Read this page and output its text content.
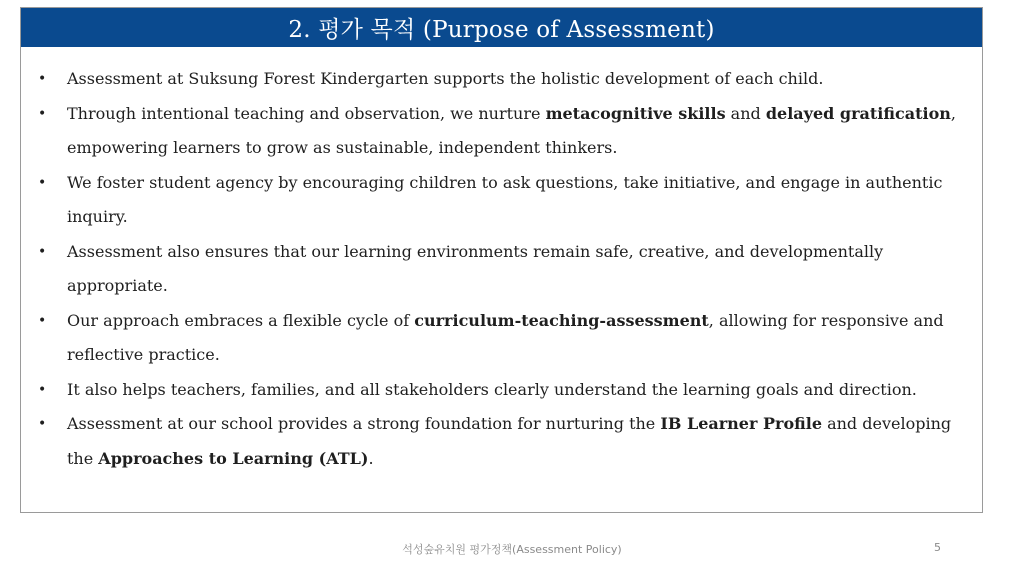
2. 평가 목적 (Purpose of Assessment)
• Assessment at Suksung Forest Kindergarten supports the holistic development of each child.
• Through intentional teaching and observation, we nurture metacognitive skills and delayed gratification, empowering learners to grow as sustainable, independent thinkers.
• We foster student agency by encouraging children to ask questions, take initiative, and engage in authentic inquiry.
• Assessment also ensures that our learning environments remain safe, creative, and developmentally appropriate.
• Our approach embraces a flexible cycle of curriculum-teaching-assessment, allowing for responsive and reflective practice.
• It also helps teachers, families, and all stakeholders clearly understand the learning goals and direction.
• Assessment at our school provides a strong foundation for nurturing the IB Learner Profile and developing the Approaches to Learning (ATL).
석성숲유치원 평가정책(Assessment Policy)	5
